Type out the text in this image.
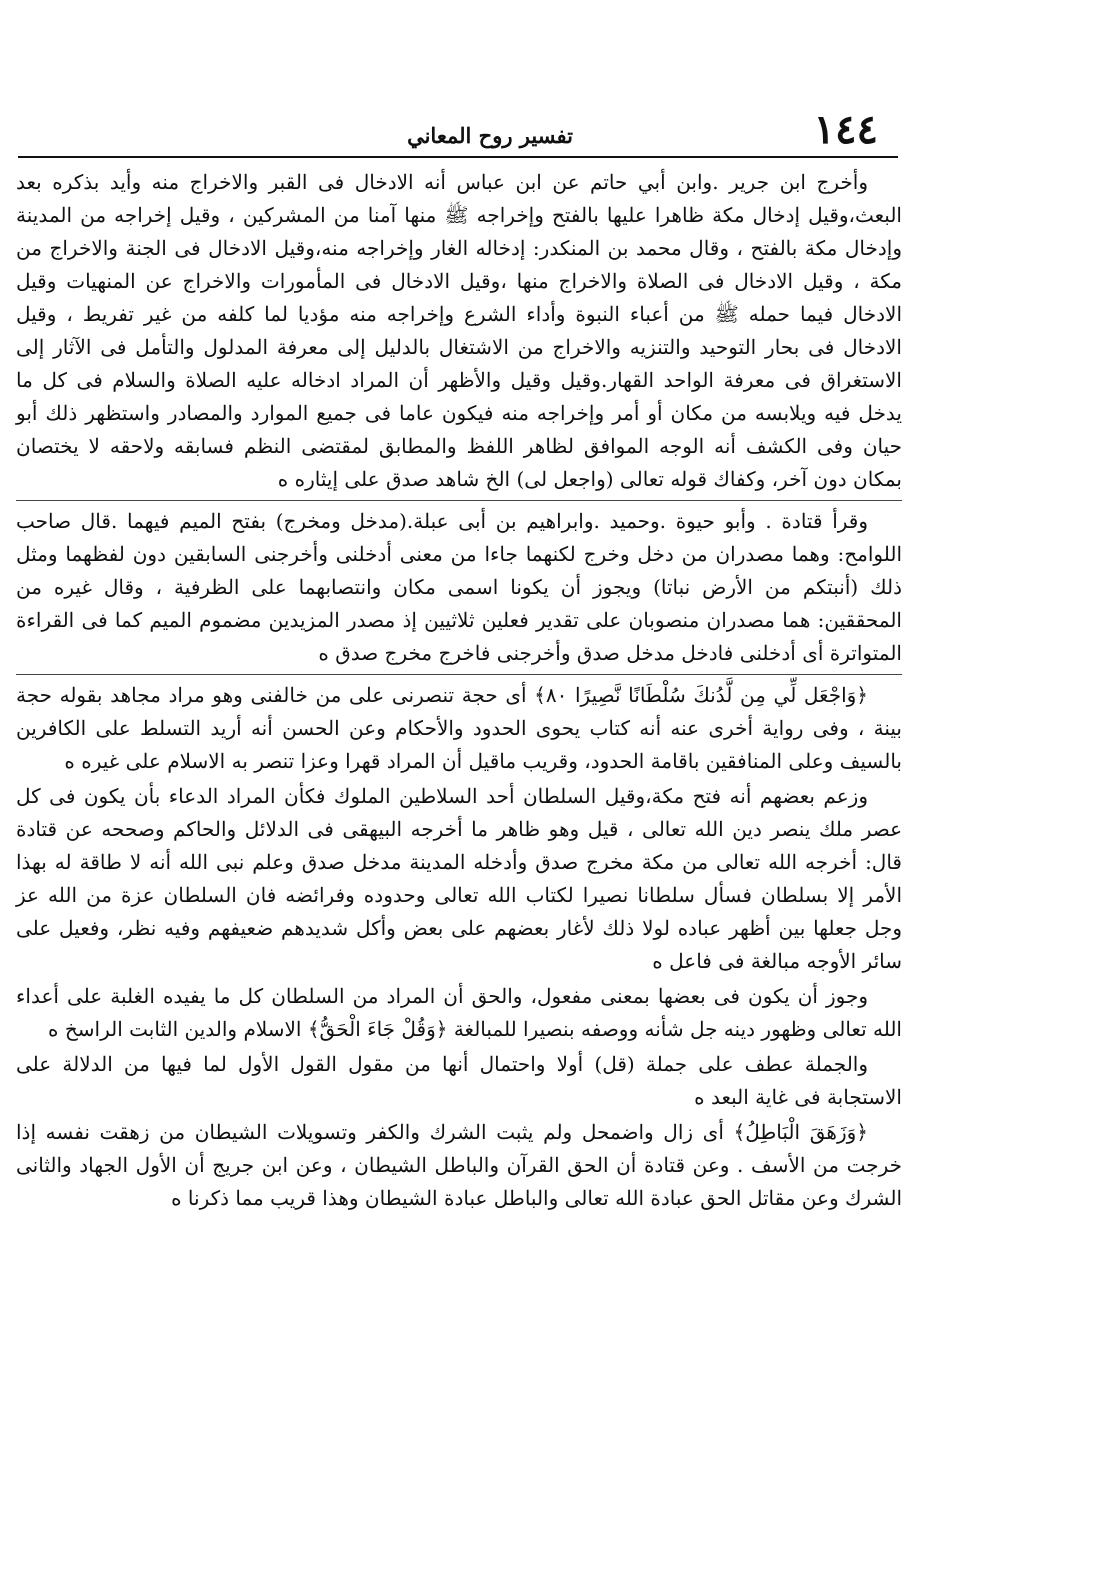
١٤٤
تفسير روح المعاني

وأخرج ابن جرير .وابن أبي حاتم عن ابن عباس أنه الادخال فى القبر والاخراج منه وأيد بذكره بعد البعث،وقيل إدخال مكة ظاهرا عليها بالفتح وإخراجه ﷺ منها آمنا من المشركين ، وقيل إخراجه من المدينة وإدخال مكة بالفتح ، وقال محمد بن المنكدر: إدخاله الغار وإخراجه منه،وقيل الادخال فى الجنة والاخراج من مكة ، وقيل الادخال فى الصلاة والاخراج منها ،وقيل الادخال فى المأمورات والاخراج عن المنهيات وقيل الادخال فيما حمله ﷺ من أعباء النبوة وأداء الشرع وإخراجه منه مؤديا لما كلفه من غير تفريط ، وقيل الادخال فى بحار التوحيد والتنزيه والاخراج من الاشتغال بالدليل إلى معرفة المدلول والتأمل فى الآثار إلى الاستغراق فى معرفة الواحد القهار.وقيل وقيل والأظهر أن المراد ادخاله عليه الصلاة والسلام فى كل ما يدخل فيه ويلابسه من مكان أو أمر وإخراجه منه فيكون عاما فى جميع الموارد والمصادر واستظهر ذلك أبو حيان وفى الكشف أنه الوجه الموافق لظاهر اللفظ والمطابق لمقتضى النظم فسابقه ولاحقه لا يختصان بمكان دون آخر، وكفاك قوله تعالى (واجعل لى) الخ شاهد صدق على إيثاره ه

وقرأ قتادة . وأبو حيوة .وحميد .وابراهيم بن أبى عبلة.(مدخل ومخرج) بفتح الميم فيهما .قال صاحب اللوامح: وهما مصدران من دخل وخرج لكنهما جاءا من معنى أدخلنى وأخرجنى السابقين دون لفظهما ومثل ذلك (أنبتكم من الأرض نباتا) ويجوز أن يكونا اسمى مكان وانتصابهما على الظرفية ، وقال غيره من المحققين: هما مصدران منصوبان على تقدير فعلين ثلاثيين إذ مصدر المزيدين مضموم الميم كما فى القراءة المتواترة أى أدخلنى فادخل مدخل صدق وأخرجنى فاخرج مخرج صدق ه

﴿وَاجْعَل لِّي مِن لَّدُنكَ سُلْطَانًا نَّصِيرًا ٨٠﴾ أى حجة تنصرنى على من خالفنى وهو مراد مجاهد بقوله حجة بينة ، وفى رواية أخرى عنه أنه كتاب يحوى الحدود والأحكام وعن الحسن أنه أريد التسلط على الكافرين بالسيف وعلى المنافقين باقامة الحدود، وقريب ماقيل أن المراد قهرا وعزا تنصر به الاسلام على غيره ه

وزعم بعضهم أنه فتح مكة،وقيل السلطان أحد السلاطين الملوك فكأن المراد الدعاء بأن يكون فى كل عصر ملك ينصر دين الله تعالى ، قيل وهو ظاهر ما أخرجه البيهقى فى الدلائل والحاكم وصححه عن قتادة قال: أخرجه الله تعالى من مكة مخرج صدق وأدخله المدينة مدخل صدق وعلم نبى الله أنه لا طاقة له بهذا الأمر إلا بسلطان فسأل سلطانا نصيرا لكتاب الله تعالى وحدوده وفرائضه فان السلطان عزة من الله عز وجل جعلها بين أظهر عباده لولا ذلك لأغار بعضهم على بعض وأكل شديدهم ضعيفهم وفيه نظر، وفعيل على سائر الأوجه مبالغة فى فاعل ه

وجوز أن يكون فى بعضها بمعنى مفعول، والحق أن المراد من السلطان كل ما يفيده الغلبة على أعداء الله تعالى وظهور دينه جل شأنه ووصفه بنصيرا للمبالغة ﴿وَقُلْ جَاءَ الْحَقُّ﴾ الاسلام والدين الثابت الراسخ ه

والجملة عطف على جملة (قل) أولا واحتمال أنها من مقول القول الأول لما فيها من الدلالة على الاستجابة فى غاية البعد ه

﴿وَزَهَقَ الْبَاطِلُ﴾ أى زال واضمحل ولم يثبت الشرك والكفر وتسويلات الشيطان من زهقت نفسه إذا خرجت من الأسف . وعن قتادة أن الحق القرآن والباطل الشيطان ، وعن ابن جريج أن الأول الجهاد والثانى الشرك وعن مقاتل الحق عبادة الله تعالى والباطل عبادة الشيطان وهذا قريب مما ذكرنا ه
